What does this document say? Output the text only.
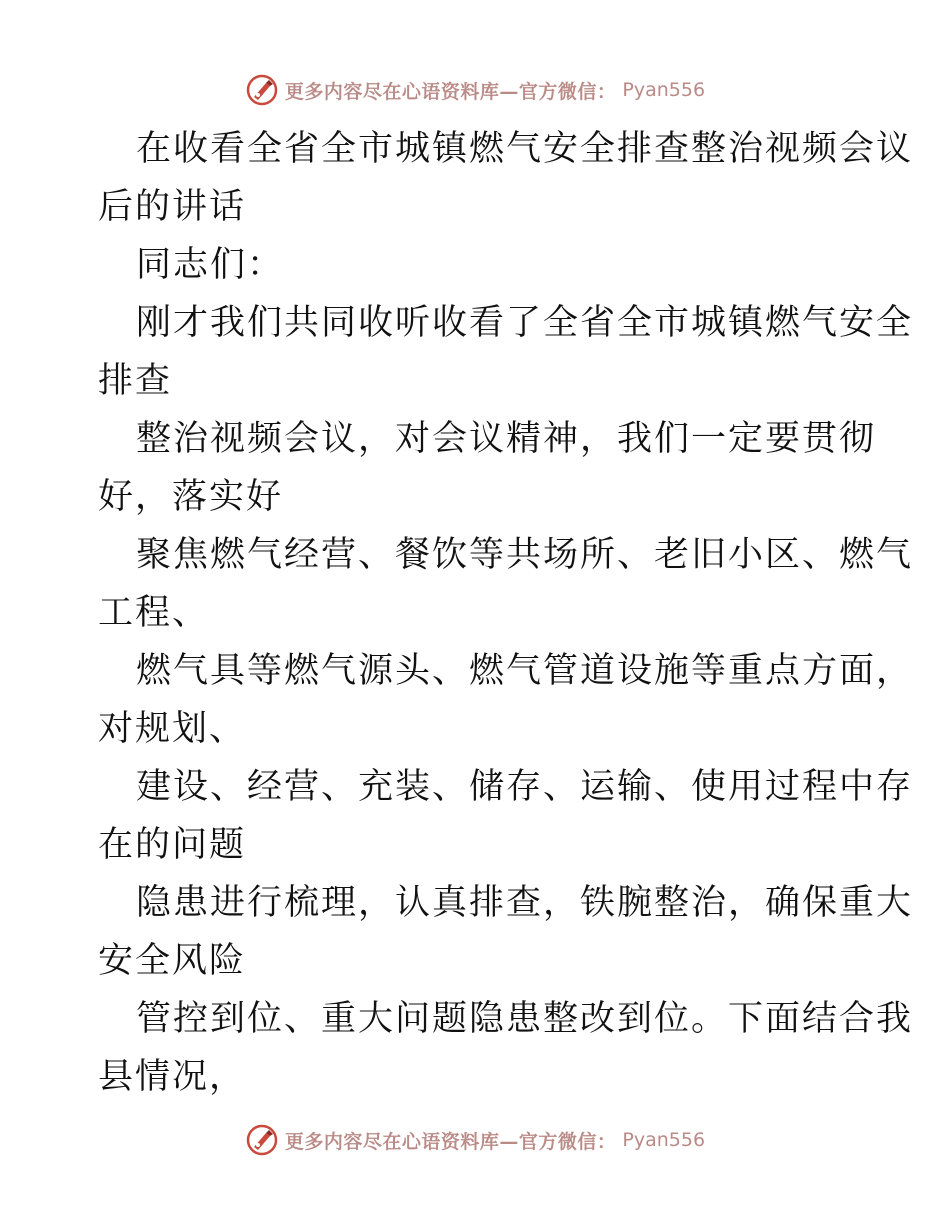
更多内容尽在心语资料库—官方微信： Pyan556
在收看全省全市城镇燃气安全排查整治视频会议
后的讲话
同志们：
刚才我们共同收听收看了全省全市城镇燃气安全
排查
整治视频会议，对会议精神，我们一定要贯彻
好，落实好
聚焦燃气经营、餐饮等共场所、老旧小区、燃气
工程、
燃气具等燃气源头、燃气管道设施等重点方面，
对规划、
建设、经营、充装、储存、运输、使用过程中存
在的问题
隐患进行梳理，认真排查，铁腕整治，确保重大
安全风险
管控到位、重大问题隐患整改到位。下面结合我
县情况，
更多内容尽在心语资料库—官方微信： Pyan556
